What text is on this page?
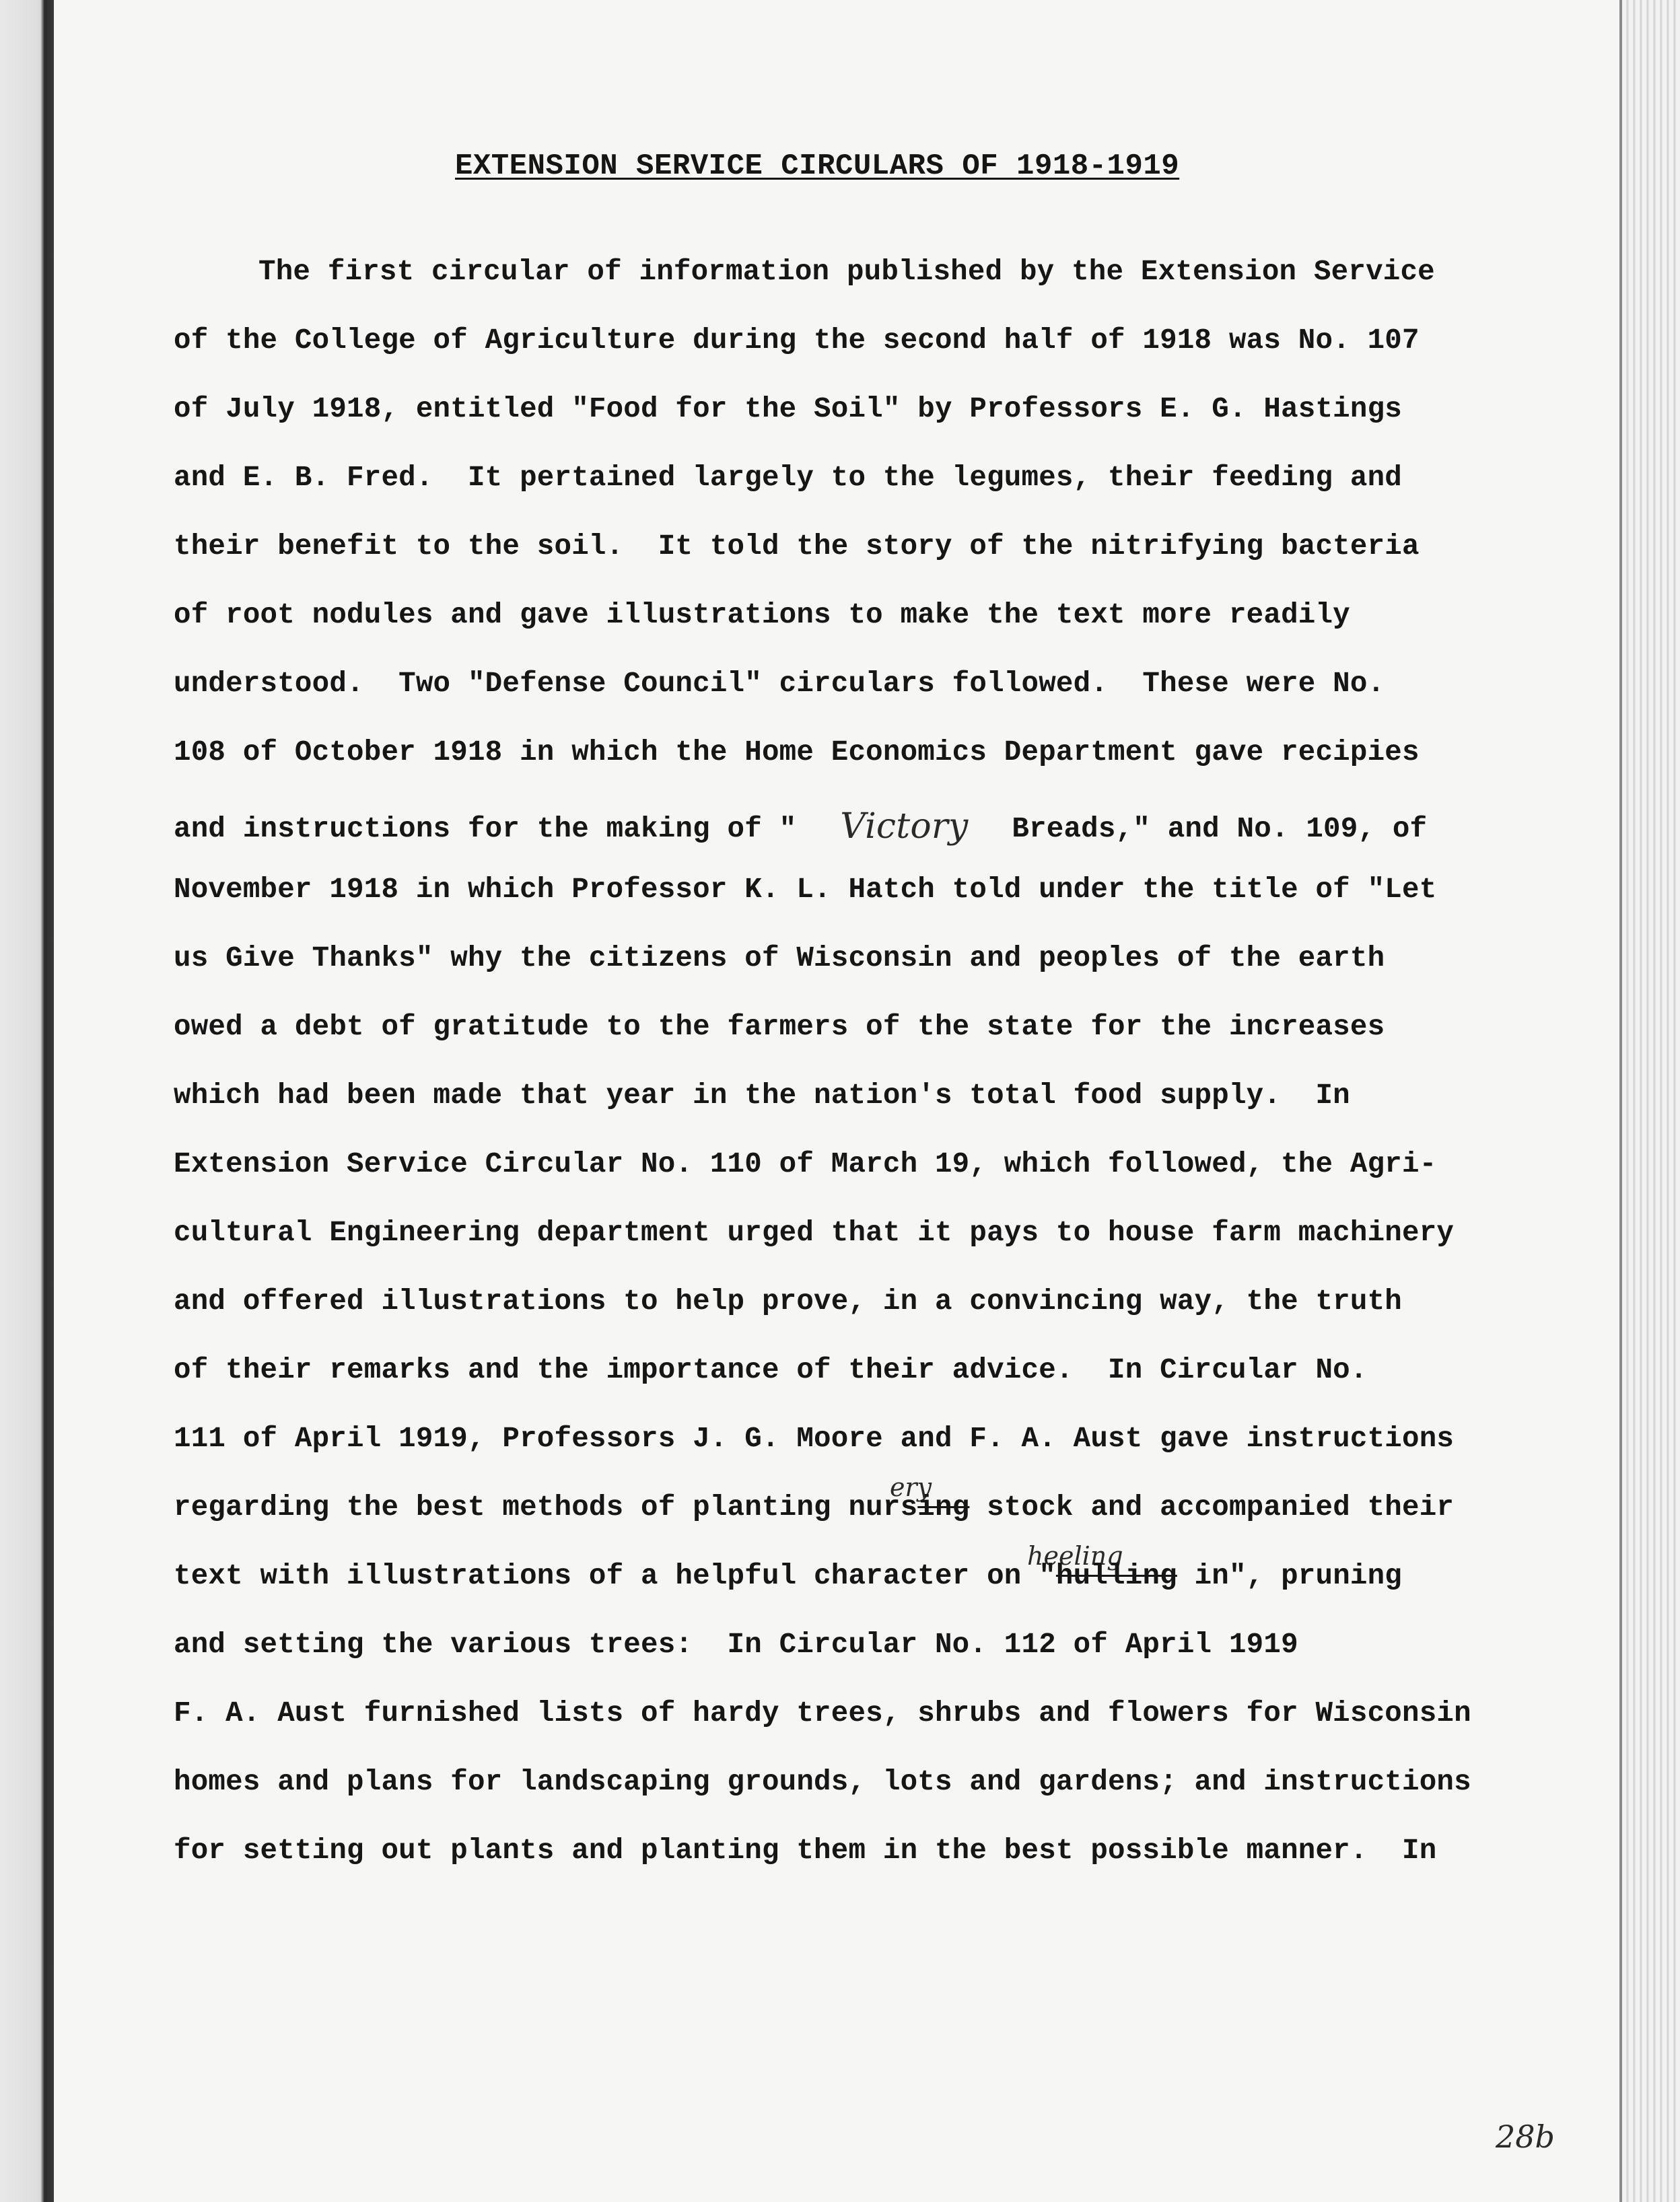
EXTENSION SERVICE CIRCULARS OF 1918-1919
The first circular of information published by the Extension Service
of the College of Agriculture during the second half of 1918 was No. 107
of July 1918, entitled "Food for the Soil" by Professors E. G. Hastings
and E. B. Fred.  It pertained largely to the legumes, their feeding and
their benefit to the soil.  It told the story of the nitrifying bacteria
of root nodules and gave illustrations to make the text more readily
understood.  Two "Defense Council" circulars followed.  These were No.
108 of October 1918 in which the Home Economics Department gave recipies
and instructions for the making of " Victory Breads," and No. 109, of
November 1918 in which Professor K. L. Hatch told under the title of "Let
us Give Thanks" why the citizens of Wisconsin and peoples of the earth
owed a debt of gratitude to the farmers of the state for the increases
which had been made that year in the nation's total food supply.  In
Extension Service Circular No. 110 of March 19, which followed, the Agri-
cultural Engineering department urged that it pays to house farm machinery
and offered illustrations to help prove, in a convincing way, the truth
of their remarks and the importance of their advice.  In Circular No.
111 of April 1919, Professors J. G. Moore and F. A. Aust gave instructions
ery
regarding the best methods of planting nursing stock and accompanied their
heeling
text with illustrations of a helpful character on "hulling in", pruning
and setting the various trees:  In Circular No. 112 of April 1919
F. A. Aust furnished lists of hardy trees, shrubs and flowers for Wisconsin
homes and plans for landscaping grounds, lots and gardens; and instructions
for setting out plants and planting them in the best possible manner.  In
28b
